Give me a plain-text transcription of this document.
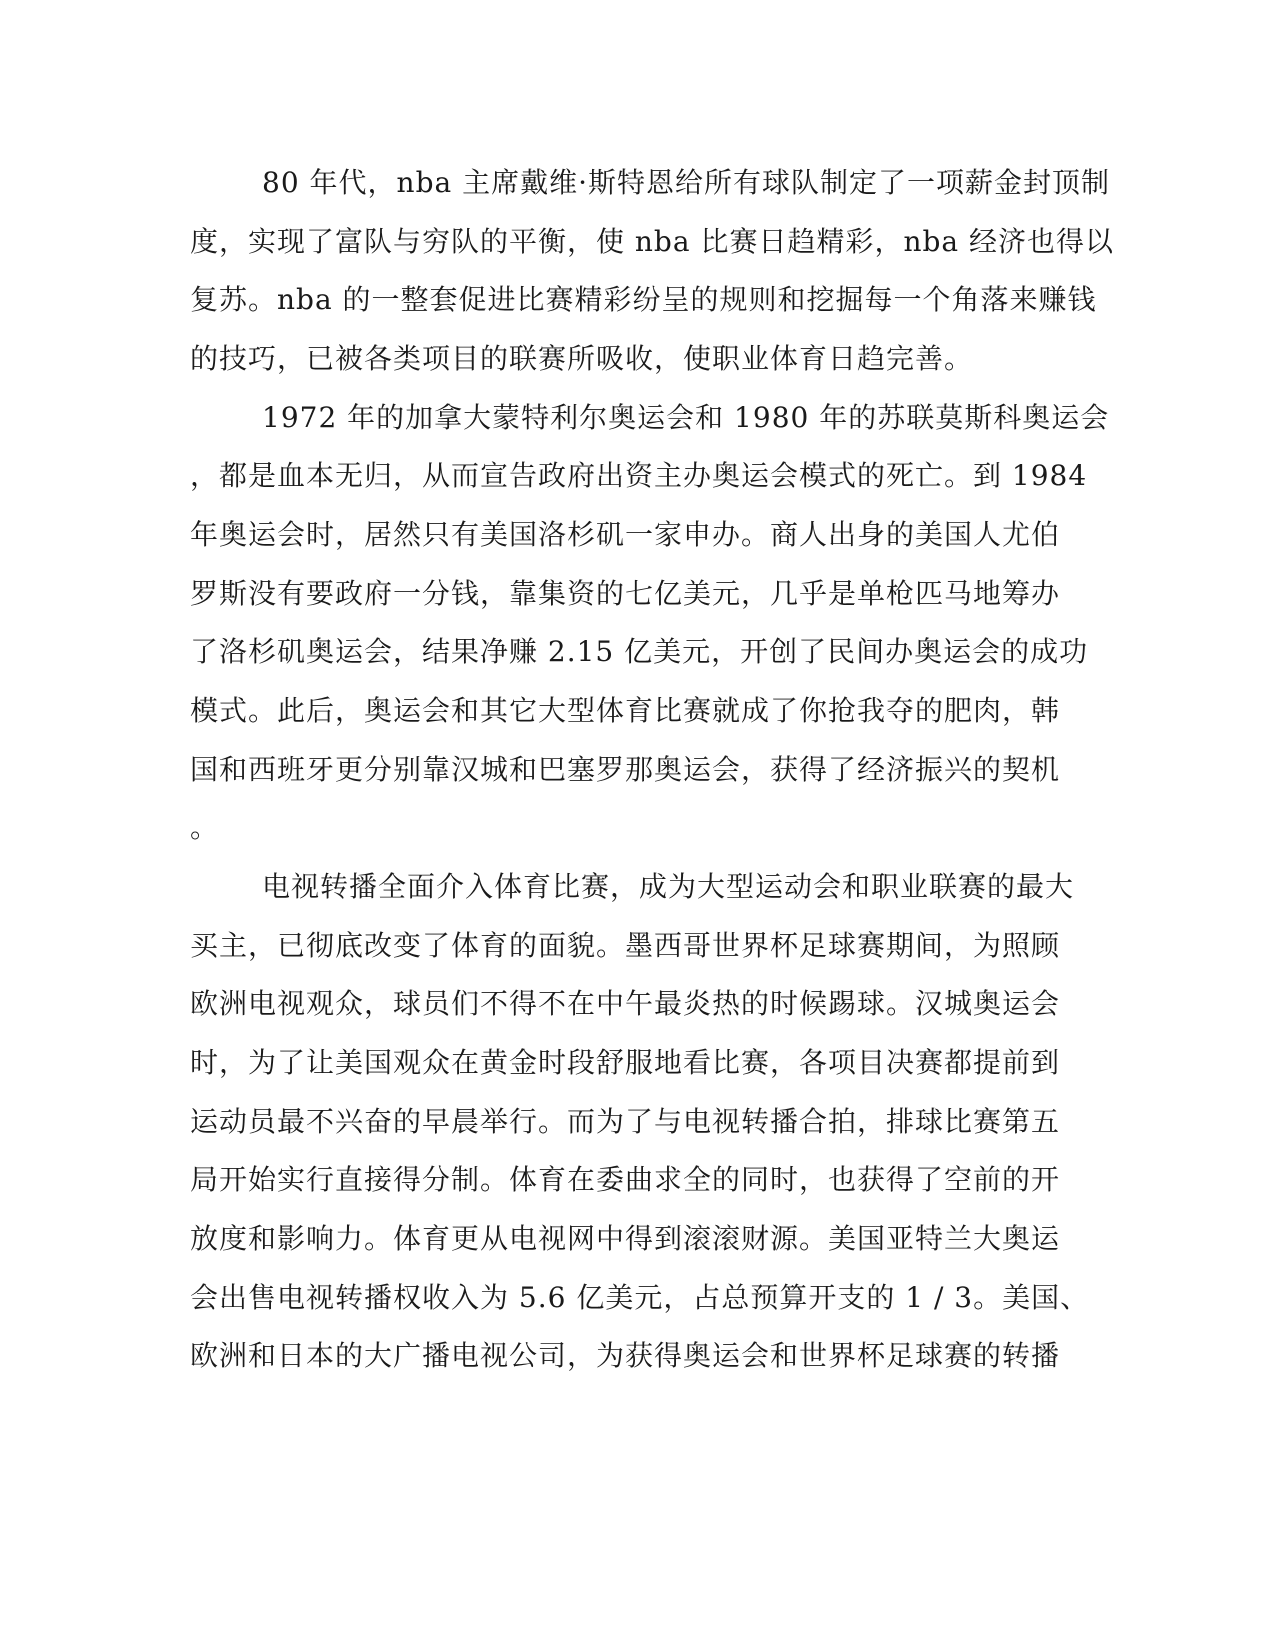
80 年代，nba 主席戴维·斯特恩给所有球队制定了一项薪金封顶制
度，实现了富队与穷队的平衡，使 nba 比赛日趋精彩，nba 经济也得以
复苏。nba 的一整套促进比赛精彩纷呈的规则和挖掘每一个角落来赚钱
的技巧，已被各类项目的联赛所吸收，使职业体育日趋完善。
1972 年的加拿大蒙特利尔奥运会和 1980 年的苏联莫斯科奥运会
，都是血本无归，从而宣告政府出资主办奥运会模式的死亡。到 1984
年奥运会时，居然只有美国洛杉矶一家申办。商人出身的美国人尤伯
罗斯没有要政府一分钱，靠集资的七亿美元，几乎是单枪匹马地筹办
了洛杉矶奥运会，结果净赚 2.15 亿美元，开创了民间办奥运会的成功
模式。此后，奥运会和其它大型体育比赛就成了你抢我夺的肥肉，韩
国和西班牙更分别靠汉城和巴塞罗那奥运会，获得了经济振兴的契机
。
电视转播全面介入体育比赛，成为大型运动会和职业联赛的最大
买主，已彻底改变了体育的面貌。墨西哥世界杯足球赛期间，为照顾
欧洲电视观众，球员们不得不在中午最炎热的时候踢球。汉城奥运会
时，为了让美国观众在黄金时段舒服地看比赛，各项目决赛都提前到
运动员最不兴奋的早晨举行。而为了与电视转播合拍，排球比赛第五
局开始实行直接得分制。体育在委曲求全的同时，也获得了空前的开
放度和影响力。体育更从电视网中得到滚滚财源。美国亚特兰大奥运
会出售电视转播权收入为 5.6 亿美元，占总预算开支的 1 / 3。美国、
欧洲和日本的大广播电视公司，为获得奥运会和世界杯足球赛的转播
